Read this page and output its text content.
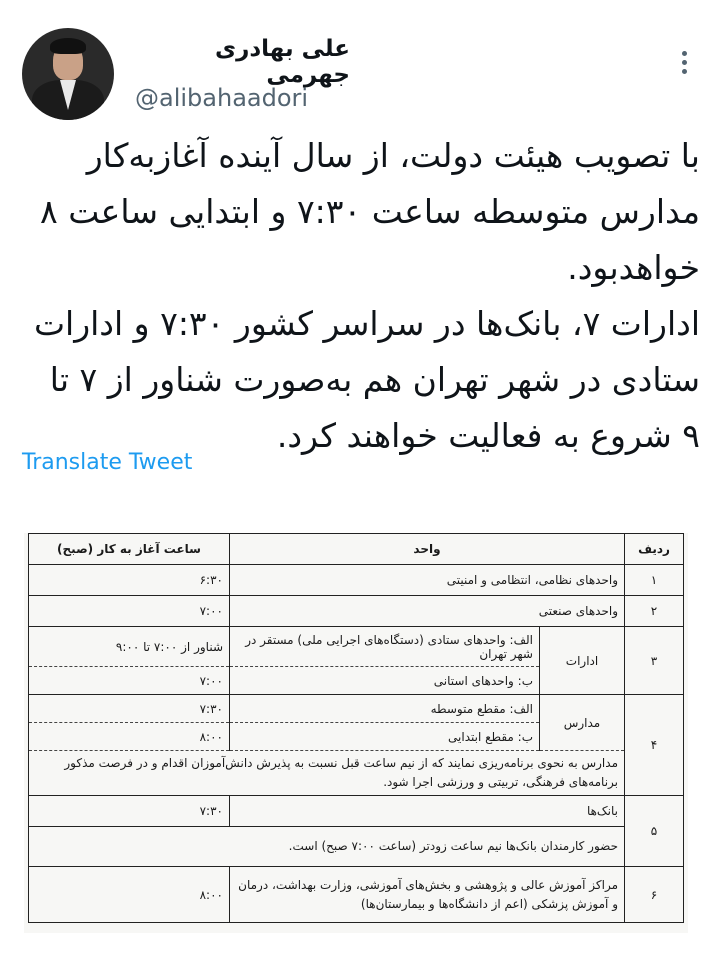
علی بهادری جهرمی
@alibahaadori

با تصویب هیئت دولت، از سال آینده آغازبه‌کار

مدارس متوسطه ساعت ۷:۳۰ و ابتدایی ساعت ۸

خواهدبود.

ادارات ۷، بانک‌ها در سراسر کشور ۷:۳۰ و ادارات

ستادی در شهر تهران هم به‌صورت شناور از ۷ تا

۹ شروع به فعالیت خواهند کرد.

Translate Tweet
ردیف	واحد		ساعت آغاز به کار (صبح)
۱	واحدهای نظامی، انتظامی و امنیتی		۶:۳۰
۲	واحدهای صنعتی		۷:۰۰
۳	ادارات	الف: واحدهای ستادی (دستگاه‌های اجرایی ملی) مستقر در شهر تهران	شناور از ۷:۰۰ تا ۹:۰۰
		ب: واحدهای استانی	۷:۰۰
۴	مدارس	الف: مقطع متوسطه	۷:۳۰
		ب: مقطع ابتدایی	۸:۰۰
	مدارس به نحوی برنامه‌ریزی نمایند که از نیم ساعت قبل نسبت به پذیرش دانش‌آموزان اقدام و در فرصت مذکور برنامه‌های فرهنگی، تربیتی و ورزشی اجرا شود.		
۵	بانک‌ها		۷:۳۰
	حضور کارمندان بانک‌ها نیم ساعت زودتر (ساعت ۷:۰۰ صبح) است.		
۶	مراکز آموزش عالی و پژوهشی و بخش‌های آموزشی، وزارت بهداشت، درمان و آموزش پزشکی (اعم از دانشگاه‌ها و بیمارستان‌ها)		۸:۰۰
